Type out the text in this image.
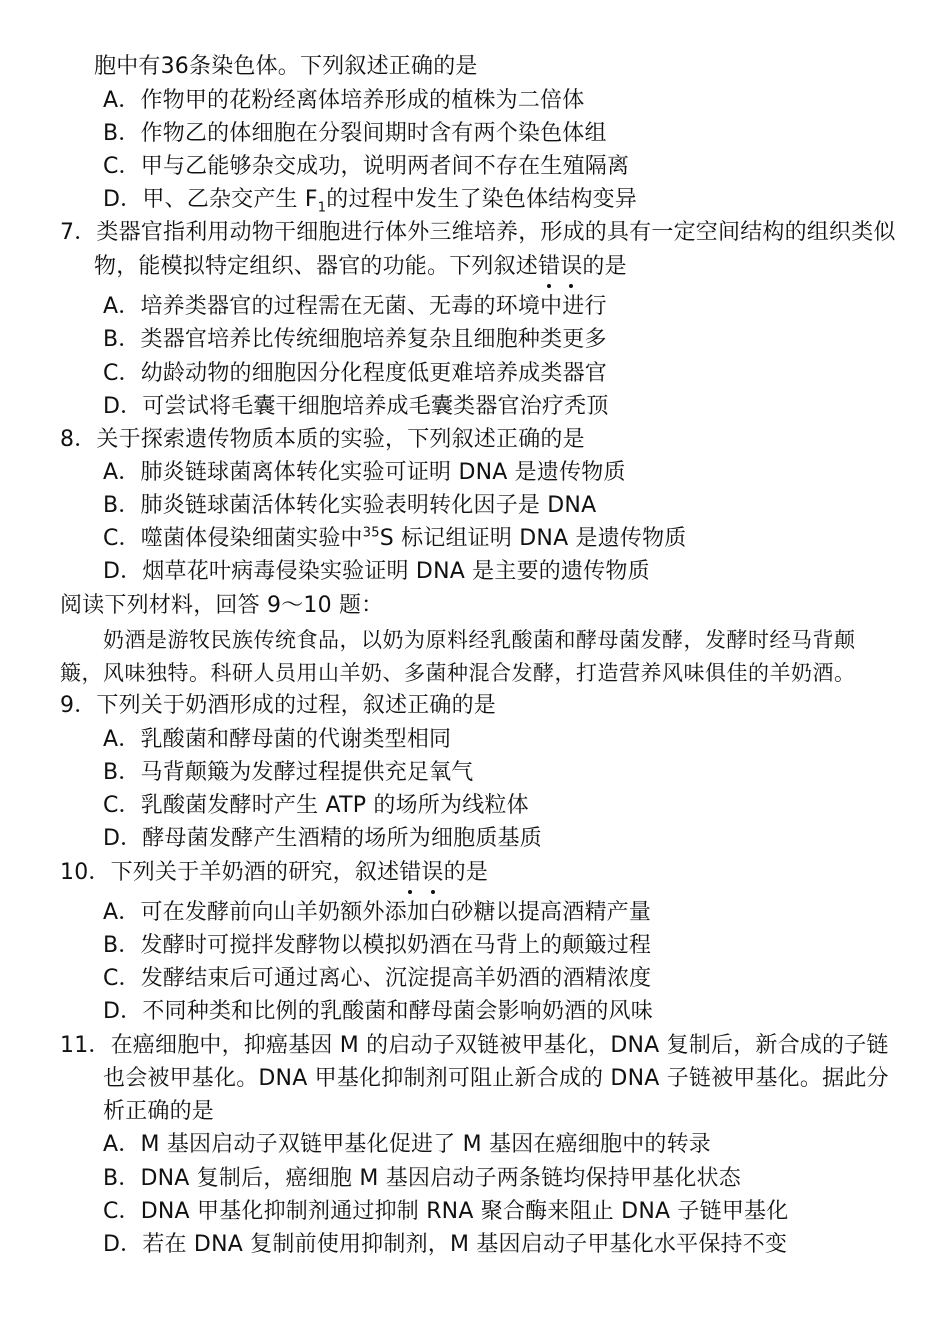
胞中有36条染色体。下列叙述正确的是
A．作物甲的花粉经离体培养形成的植株为二倍体
B．作物乙的体细胞在分裂间期时含有两个染色体组
C．甲与乙能够杂交成功，说明两者间不存在生殖隔离
D．甲、乙杂交产生 $F_1$的过程中发生了染色体结构变异
7．类器官指利用动物干细胞进行体外三维培养，形成的具有一定空间结构的组织类似
物，能模拟特定组织、器官的功能。下列叙述错误的是
A．培养类器官的过程需在无菌、无毒的环境中进行
B．类器官培养比传统细胞培养复杂且细胞种类更多
C．幼龄动物的细胞因分化程度低更难培养成类器官
D．可尝试将毛囊干细胞培养成毛囊类器官治疗秃顶
8．关于探索遗传物质本质的实验，下列叙述正确的是
A．肺炎链球菌离体转化实验可证明 DNA 是遗传物质
B．肺炎链球菌活体转化实验表明转化因子是 DNA
C．噬菌体侵染细菌实验中$^{35}$S 标记组证明 DNA 是遗传物质
D．烟草花叶病毒侵染实验证明 DNA 是主要的遗传物质
阅读下列材料，回答 9～10 题：
奶酒是游牧民族传统食品，以奶为原料经乳酸菌和酵母菌发酵，发酵时经马背颠
簸，风味独特。科研人员用山羊奶、多菌种混合发酵，打造营养风味俱佳的羊奶酒。
9．下列关于奶酒形成的过程，叙述正确的是
A．乳酸菌和酵母菌的代谢类型相同
B．马背颠簸为发酵过程提供充足氧气
C．乳酸菌发酵时产生 ATP 的场所为线粒体
D．酵母菌发酵产生酒精的场所为细胞质基质
10．下列关于羊奶酒的研究，叙述错误的是
A．可在发酵前向山羊奶额外添加白砂糖以提高酒精产量
B．发酵时可搅拌发酵物以模拟奶酒在马背上的颠簸过程
C．发酵结束后可通过离心、沉淀提高羊奶酒的酒精浓度
D．不同种类和比例的乳酸菌和酵母菌会影响奶酒的风味
11．在癌细胞中，抑癌基因 M 的启动子双链被甲基化，DNA 复制后，新合成的子链
也会被甲基化。DNA 甲基化抑制剂可阻止新合成的 DNA 子链被甲基化。据此分
析正确的是
A．M 基因启动子双链甲基化促进了 M 基因在癌细胞中的转录
B．DNA 复制后，癌细胞 M 基因启动子两条链均保持甲基化状态
C．DNA 甲基化抑制剂通过抑制 RNA 聚合酶来阻止 DNA 子链甲基化
D．若在 DNA 复制前使用抑制剂，M 基因启动子甲基化水平保持不变
